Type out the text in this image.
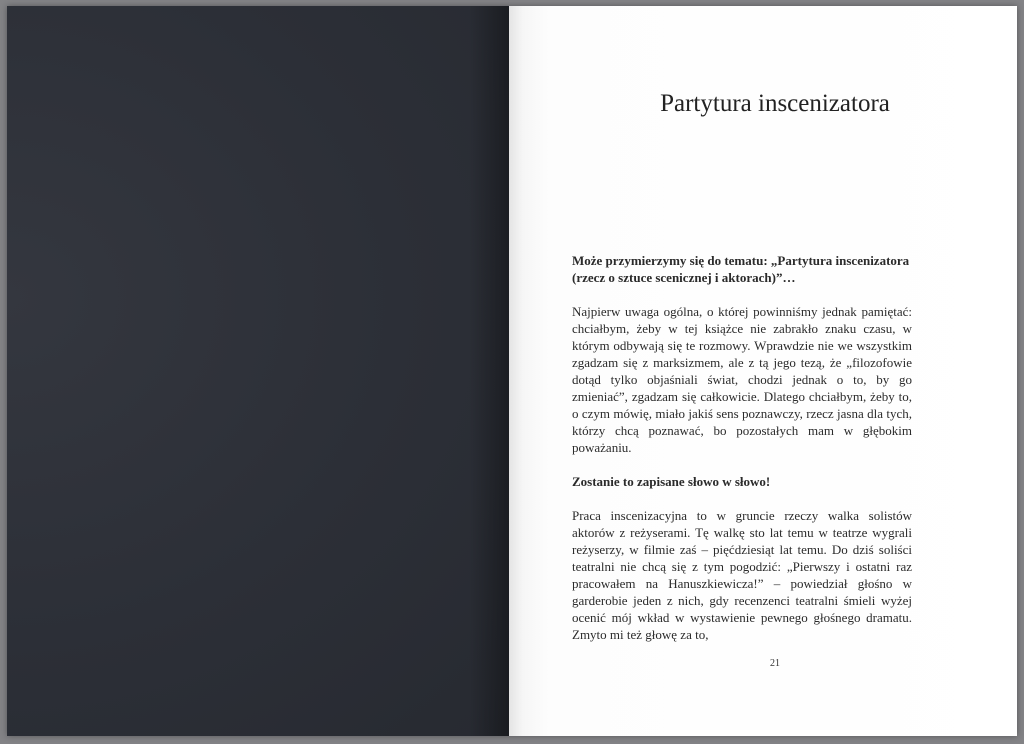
Partytura inscenizatora

Może przymierzymy się do tematu: „Partytura inscenizatora (rzecz o sztuce scenicznej i aktorach)”…

Najpierw uwaga ogólna, o której powinniśmy jednak pamiętać: chciałbym, żeby w tej książce nie zabrakło znaku czasu, w którym odbywają się te rozmowy. Wprawdzie nie we wszystkim zgadzam się z marksizmem, ale z tą jego tezą, że „filozofowie dotąd tylko objaśniali świat, chodzi jednak o to, by go zmieniać”, zgadzam się całkowicie. Dlatego chciałbym, żeby to, o czym mówię, miało jakiś sens poznawczy, rzecz jasna dla tych, którzy chcą poznawać, bo pozostałych mam w głębokim poważaniu.

Zostanie to zapisane słowo w słowo!

Praca inscenizacyjna to w gruncie rzeczy walka solistów aktorów z reżyserami. Tę walkę sto lat temu w teatrze wygrali reżyserzy, w filmie zaś – pięćdziesiąt lat temu. Do dziś soliści teatralni nie chcą się z tym pogodzić: „Pierwszy i ostatni raz pracowałem na Hanuszkiewicza!” – powiedział głośno w garderobie jeden z nich, gdy recenzenci teatralni śmieli wyżej ocenić mój wkład w wystawienie pewnego głośnego dramatu. Zmyto mi też głowę za to,

21
